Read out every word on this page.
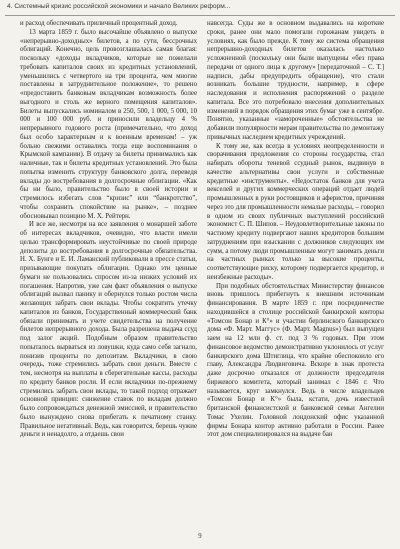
4. Системный кризис российской экономики и начало Великих реформ...

и расход обеспечивать приличный процентный доход.

13 марта 1859 г. было высочайше объявлено о выпуске «непрерывно-доходных» билетов, а по сути, бессрочных облигаций. Конечно, цель провозглашалась самая благая: поскольку «доходы вкладчиков, которые не пожелали требовать капиталов своих из кредитных установлений, уменьшились с четвертого на три процента, чем многие поставлены в затруднительное положение», то решено «предоставить банковым вкладчикам возможность более выгодного и столь же верного помещения капиталов». Билеты выпускались номиналом в 250, 500, 1 000, 5 000, 10 000 и 100 000 руб. и приносили владельцу 4 % непрерывного годового роста (примечательно, что доход был особо характерным и к военным временам! – уж больно свежими оставались тогда еще воспоминания о Крымской кампании). В отдачу за билеты принимались как наличные, так и билеты кредитных установлений. Это была попытка изменить структуру банковского долга, переведя вклады до востребования в долгосрочные облигации. «Как бы ни было, правительство было в своей истории и стремилось избегать слов “кризис” или “банкротство”, чтобы сохранить спокойствие на рынке», – позднее обосновывал позицию М. Х. Рейтерн.

И все же, несмотря на все заявления о монаршей заботе об интересах вкладчиков, очевидно, что власти имели целью трансформировать неустойчивые по своей природе депозиты до востребования в долгосрочные обязательства. Н. Х. Бунге и Е. И. Ламанский публиковали в прессе статьи, призывающие покупать облигации. Однако эти ценные бумаги не пользовались спросом из-за низких условий их погашения. Напротив, уже сам факт объявления о выпуске облигаций вызвал панику и обернулся только ростом числа желающих забрать свои вклады. Чтобы сократить утечку капиталов из банков, Государственный коммерческий банк обязали принимать и учете свидетельства на получение билетов непрерывного дохода. Была разрешена выдача ссуд под залог акций. Подобным образом правительство попыталось вырваться из ловушки, куда само себя загнало, понизив проценты по депозитам. Вкладчики, в свою очередь, тоже стремились забрать свои деньги. Вместе с тем, несмотря на выплаты в сберегательные кассы, расходы по кредиту банков росли. И если вкладчики по-прежнему стремились забрать свои вклады, то такой подход отражает основной принцип: снижение ставок по вкладам должно было сопровождаться денежной эмиссией, и правительство было вынуждено снова прибегать к печатному станку. Правильное негативный. Ведь, как говорится, берешь чужие деньги и ненадолго, а отдаешь свои

навсегда. Суды же в основном выдавались на короткие сроки, ранее они мало помогали горожанам увидеть в условиях, как было прежде. К тому же система обращения непрерывно-доходных билетов оказалась настолько усложненной (поскольку они были выпущены «без права передачи от одного лица к другому» [передаточной – С. Т.] надписи, дабы предупредить обращение), что стали возникать большие трудности, например, в сфере наследования и исполнения распоряжений о разделе капитала. Все это потребовало внесения дополнительных изменений в порядок обращения этих бумаг уже в сентябре. Понятно, указанные «замороченные» обстоятельства не добавили популярности мерам правительства по демонтажу привычных наследием кредитных учреждений.

К тому же, как всегда в условиях неопределенности и сворачивания предложения со стороны государства, стал набирать обороты теневой ссудный рынок, выдвинув в качестве альтернативы свои услуги и собственные кредитные «инструменты». «Недостаток банков для учета векселей и других коммерческих операций отдает людей промышленных в руки ростовщиков и аферистов, причиняя через это для промышленности немалые расходы, – говорил в одном из своих публичных выступлений российский экономист С. П. Шипов. – Неудовлетворительные законы по частному кредиту подвергают наших кредиторов большим затруднениям при взыскании с должников следующих им сумм, а потому люди промышленные могут занимать деньги на частных рынках только за высокие проценты, соответствующие риску, которому подвергается кредитор, и неизбежные расходы».

При подобных обстоятельствах Министерству финансов вновь пришлось прибегнуть к внешним источникам финансирования. В марте 1859 г. при посредничестве находившейся в столице российской банкирской конторы «Томсон Бонар и К°» и участии берлинского банкирского дома «Ф. Март. Маггус» (Ф. Март. Magnus») был выпущен заем на 12 млн ф. ст. под 3 % годовых. При этом финансовое ведомство демонстративно уклонилось от услуг банкирского дома Штиглица, что крайне обеспокоило его главу, Александра Людвиговича. Вскоре в знак протеста даже досрочно отказался от должности председателя биржевого комитета, который занимал с 1846 г. Что называется, круг замкнулся. Ведь в числе владельцев «Томсон Бонар и К°» была, кстати, дочь известной британской финансистской и банковской семьи Ангелии Томас Ухелин. Головной лондонский офис указанной фирмы Бонара контор активно работали в России. Ранее этот дом специализировался на выдаче бан

9
